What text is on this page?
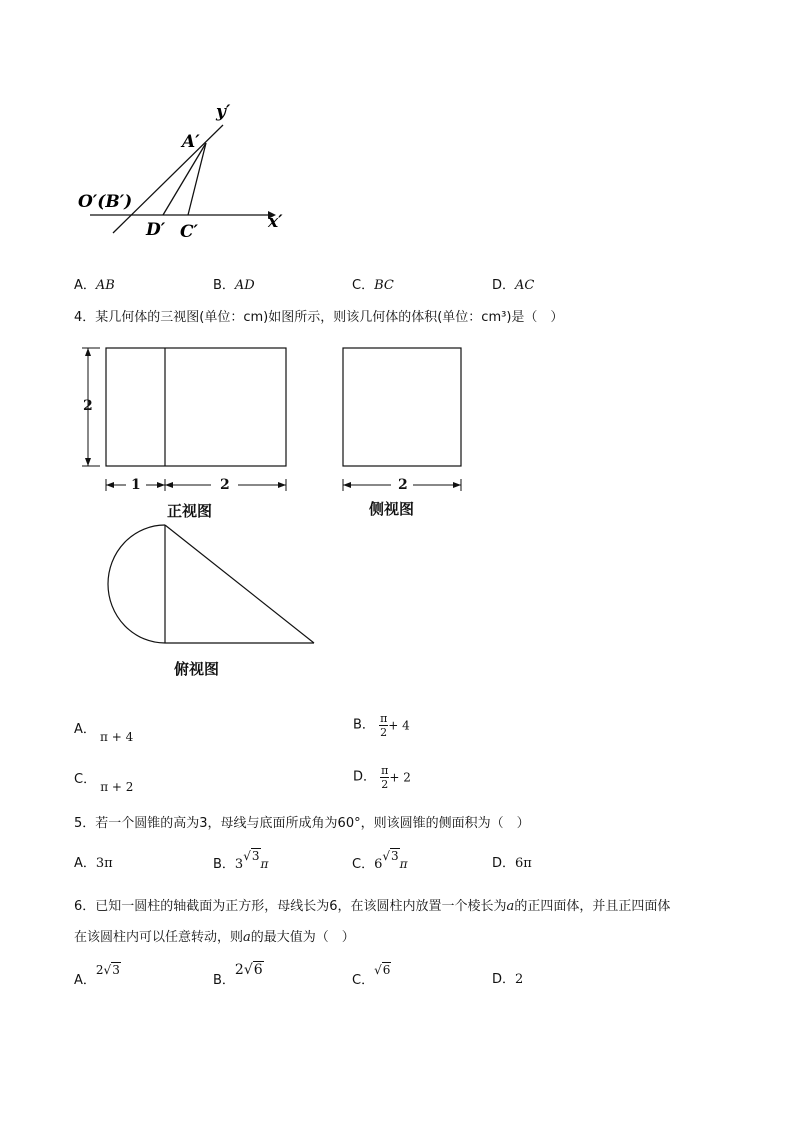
y′
A′
O′(B′)
D′ C′	x′
A．AB	B．AD	C．BC	D．AC
4．某几何体的三视图(单位：cm)如图所示，则该几何体的体积(单位：cm³)是（　）
2
1	2
正视图
2
侧视图
俯视图
A． π + 4
B． $\frac{\pi}{2} + 4$
C． π + 2
D． $\frac{\pi}{2} + 2$
5．若一个圆锥的高为3，母线与底面所成角为60°，则该圆锥的侧面积为（　）
A．3π	B．3√3π	C．6√3π	D．6π
6．已知一圆柱的轴截面为正方形，母线长为6，在该圆柱内放置一个棱长为a的正四面体，并且正四面体
在该圆柱内可以任意转动，则a的最大值为（　）
A．2√3
B．2√6
C．√6
D．2
